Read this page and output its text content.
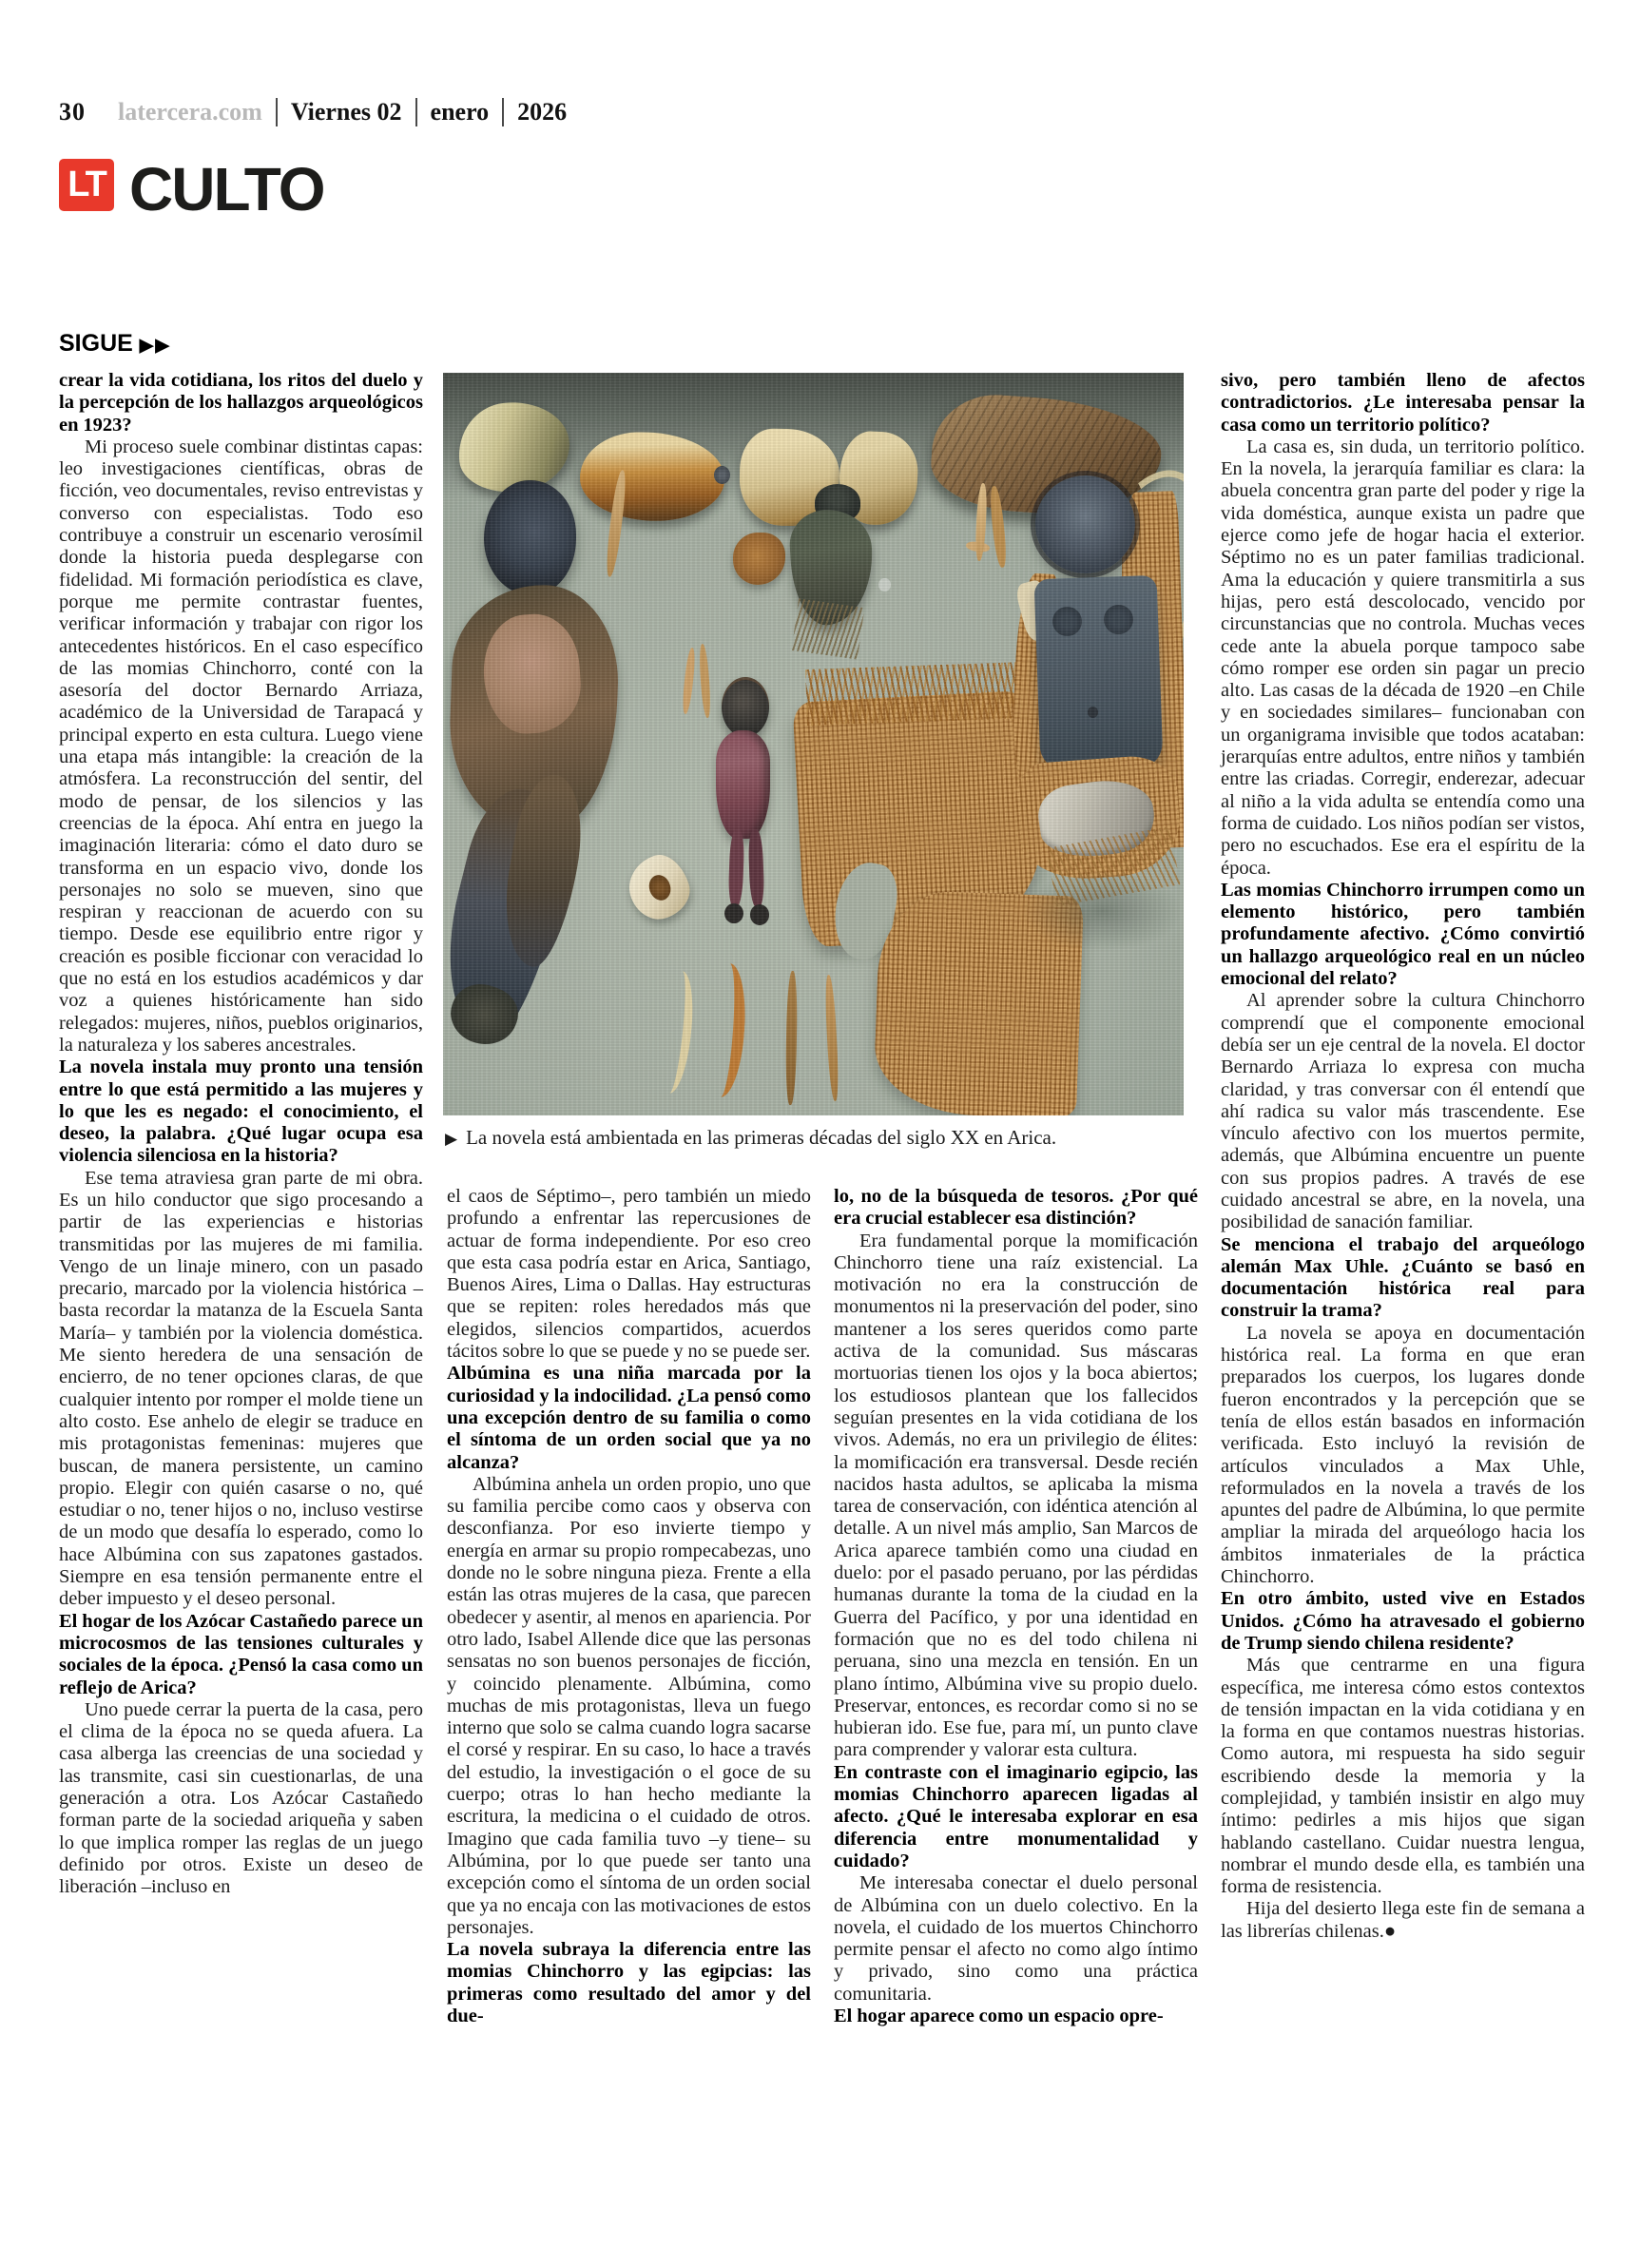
30 latercera.com Viernes 02 enero 2026
LT CULTO
SIGUE ▶▶
▶ La novela está ambientada en las primeras décadas del siglo XX en Arica.

crear la vida cotidiana, los ritos del duelo y la percepción de los hallazgos arqueológicos en 1923?

Mi proceso suele combinar distintas capas: leo investigaciones científicas, obras de ficción, veo documentales, reviso entrevistas y converso con especialistas. Todo eso contribuye a construir un escenario verosímil donde la historia pueda desplegarse con fidelidad. Mi formación periodística es clave, porque me permite contrastar fuentes, verificar información y trabajar con rigor los antecedentes históricos. En el caso específico de las momias Chinchorro, conté con la asesoría del doctor Bernardo Arriaza, académico de la Universidad de Tarapacá y principal experto en esta cultura. Luego viene una etapa más intangible: la creación de la atmósfera. La reconstrucción del sentir, del modo de pensar, de los silencios y las creencias de la época. Ahí entra en juego la imaginación literaria: cómo el dato duro se transforma en un espacio vivo, donde los personajes no solo se mueven, sino que respiran y reaccionan de acuerdo con su tiempo. Desde ese equilibrio entre rigor y creación es posible ficcionar con veracidad lo que no está en los estudios académicos y dar voz a quienes históricamente han sido relegados: mujeres, niños, pueblos originarios, la naturaleza y los saberes ancestrales.

La novela instala muy pronto una tensión entre lo que está permitido a las mujeres y lo que les es negado: el conocimiento, el deseo, la palabra. ¿Qué lugar ocupa esa violencia silenciosa en la historia?

Ese tema atraviesa gran parte de mi obra. Es un hilo conductor que sigo procesando a partir de las experiencias e historias transmitidas por las mujeres de mi familia. Vengo de un linaje minero, con un pasado precario, marcado por la violencia histórica –basta recordar la matanza de la Escuela Santa María– y también por la violencia doméstica. Me siento heredera de una sensación de encierro, de no tener opciones claras, de que cualquier intento por romper el molde tiene un alto costo. Ese anhelo de elegir se traduce en mis protagonistas femeninas: mujeres que buscan, de manera persistente, un camino propio. Elegir con quién casarse o no, qué estudiar o no, tener hijos o no, incluso vestirse de un modo que desafía lo esperado, como lo hace Albúmina con sus zapatones gastados. Siempre en esa tensión permanente entre el deber impuesto y el deseo personal.

El hogar de los Azócar Castañedo parece un microcosmos de las tensiones culturales y sociales de la época. ¿Pensó la casa como un reflejo de Arica?

Uno puede cerrar la puerta de la casa, pero el clima de la época no se queda afuera. La casa alberga las creencias de una sociedad y las transmite, casi sin cuestionarlas, de una generación a otra. Los Azócar Castañedo forman parte de la sociedad ariqueña y saben lo que implica romper las reglas de un juego definido por otros. Existe un deseo de liberación –incluso en

el caos de Séptimo–, pero también un miedo profundo a enfrentar las repercusiones de actuar de forma independiente. Por eso creo que esta casa podría estar en Arica, Santiago, Buenos Aires, Lima o Dallas. Hay estructuras que se repiten: roles heredados más que elegidos, silencios compartidos, acuerdos tácitos sobre lo que se puede y no se puede ser.

Albúmina es una niña marcada por la curiosidad y la indocilidad. ¿La pensó como una excepción dentro de su familia o como el síntoma de un orden social que ya no alcanza?

Albúmina anhela un orden propio, uno que su familia percibe como caos y observa con desconfianza. Por eso invierte tiempo y energía en armar su propio rompecabezas, uno donde no le sobre ninguna pieza. Frente a ella están las otras mujeres de la casa, que parecen obedecer y asentir, al menos en apariencia. Por otro lado, Isabel Allende dice que las personas sensatas no son buenos personajes de ficción, y coincido plenamente. Albúmina, como muchas de mis protagonistas, lleva un fuego interno que solo se calma cuando logra sacarse el corsé y respirar. En su caso, lo hace a través del estudio, la investigación o el goce de su cuerpo; otras lo han hecho mediante la escritura, la medicina o el cuidado de otros. Imagino que cada familia tuvo –y tiene– su Albúmina, por lo que puede ser tanto una excepción como el síntoma de un orden social que ya no encaja con las motivaciones de estos personajes.

La novela subraya la diferencia entre las momias Chinchorro y las egipcias: las primeras como resultado del amor y del due-

lo, no de la búsqueda de tesoros. ¿Por qué era crucial establecer esa distinción?

Era fundamental porque la momificación Chinchorro tiene una raíz existencial. La motivación no era la construcción de monumentos ni la preservación del poder, sino mantener a los seres queridos como parte activa de la comunidad. Sus máscaras mortuorias tienen los ojos y la boca abiertos; los estudiosos plantean que los fallecidos seguían presentes en la vida cotidiana de los vivos. Además, no era un privilegio de élites: la momificación era transversal. Desde recién nacidos hasta adultos, se aplicaba la misma tarea de conservación, con idéntica atención al detalle. A un nivel más amplio, San Marcos de Arica aparece también como una ciudad en duelo: por el pasado peruano, por las pérdidas humanas durante la toma de la ciudad en la Guerra del Pacífico, y por una identidad en formación que no es del todo chilena ni peruana, sino una mezcla en tensión. En un plano íntimo, Albúmina vive su propio duelo. Preservar, entonces, es recordar como si no se hubieran ido. Ese fue, para mí, un punto clave para comprender y valorar esta cultura.

En contraste con el imaginario egipcio, las momias Chinchorro aparecen ligadas al afecto. ¿Qué le interesaba explorar en esa diferencia entre monumentalidad y cuidado?

Me interesaba conectar el duelo personal de Albúmina con un duelo colectivo. En la novela, el cuidado de los muertos Chinchorro permite pensar el afecto no como algo íntimo y privado, sino como una práctica comunitaria.

El hogar aparece como un espacio opre-

sivo, pero también lleno de afectos contradictorios. ¿Le interesaba pensar la casa como un territorio político?

La casa es, sin duda, un territorio político. En la novela, la jerarquía familiar es clara: la abuela concentra gran parte del poder y rige la vida doméstica, aunque exista un padre que ejerce como jefe de hogar hacia el exterior. Séptimo no es un pater familias tradicional. Ama la educación y quiere transmitirla a sus hijas, pero está descolocado, vencido por circunstancias que no controla. Muchas veces cede ante la abuela porque tampoco sabe cómo romper ese orden sin pagar un precio alto. Las casas de la década de 1920 –en Chile y en sociedades similares– funcionaban con un organigrama invisible que todos acataban: jerarquías entre adultos, entre niños y también entre las criadas. Corregir, enderezar, adecuar al niño a la vida adulta se entendía como una forma de cuidado. Los niños podían ser vistos, pero no escuchados. Ese era el espíritu de la época.

Las momias Chinchorro irrumpen como un elemento histórico, pero también profundamente afectivo. ¿Cómo convirtió un hallazgo arqueológico real en un núcleo emocional del relato?

Al aprender sobre la cultura Chinchorro comprendí que el componente emocional debía ser un eje central de la novela. El doctor Bernardo Arriaza lo expresa con mucha claridad, y tras conversar con él entendí que ahí radica su valor más trascendente. Ese vínculo afectivo con los muertos permite, además, que Albúmina encuentre un puente con sus propios padres. A través de ese cuidado ancestral se abre, en la novela, una posibilidad de sanación familiar.

Se menciona el trabajo del arqueólogo alemán Max Uhle. ¿Cuánto se basó en documentación histórica real para construir la trama?

La novela se apoya en documentación histórica real. La forma en que eran preparados los cuerpos, los lugares donde fueron encontrados y la percepción que se tenía de ellos están basados en información verificada. Esto incluyó la revisión de artículos vinculados a Max Uhle, reformulados en la novela a través de los apuntes del padre de Albúmina, lo que permite ampliar la mirada del arqueólogo hacia los ámbitos inmateriales de la práctica Chinchorro.

En otro ámbito, usted vive en Estados Unidos. ¿Cómo ha atravesado el gobierno de Trump siendo chilena residente?

Más que centrarme en una figura específica, me interesa cómo estos contextos de tensión impactan en la vida cotidiana y en la forma en que contamos nuestras historias. Como autora, mi respuesta ha sido seguir escribiendo desde la memoria y la complejidad, y también insistir en algo muy íntimo: pedirles a mis hijos que sigan hablando castellano. Cuidar nuestra lengua, nombrar el mundo desde ella, es también una forma de resistencia.

Hija del desierto llega este fin de semana a las librerías chilenas.●
